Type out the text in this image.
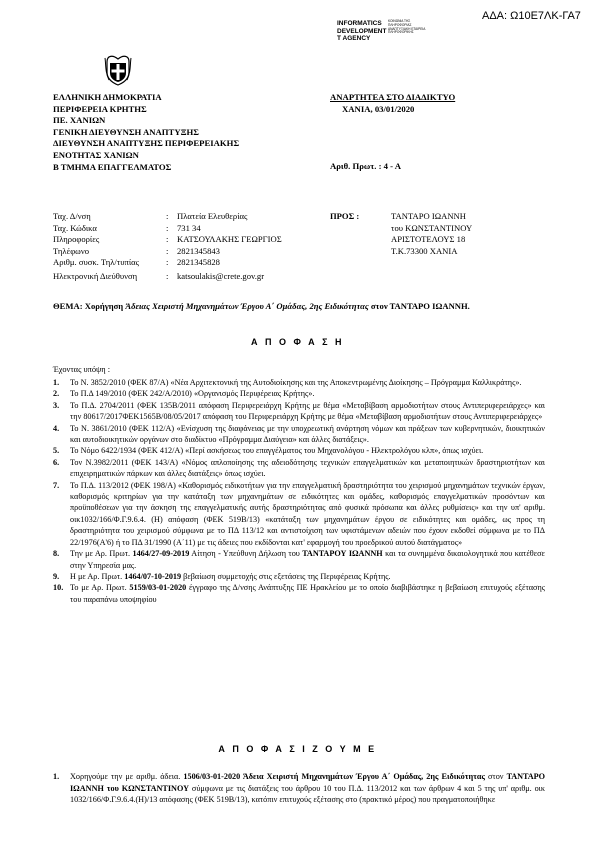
ΑΔΑ: Ω10Ε7ΛΚ-ΓΑ7
INFORMATICS
DEVELOPMENT
T AGENCY
ΚΟΙΝΩΝΙΑ ΤΗΣ ΠΛΗΡΟΦΟΡΙΑΣ
ΑΝΑΠΤΥΞΙΑΚΗ ΕΤΑΙΡΕΙΑ
ΠΛΗΡΟΦΟΡΙΚΗΣ
ΕΛΛΗΝΙΚΗ ΔΗΜΟΚΡΑΤΙΑ
ΠΕΡΙΦΕΡΕΙΑ ΚΡΗΤΗΣ
ΠΕ. ΧΑΝΙΩΝ
ΓΕΝΙΚΗ ΔΙΕΥΘΥΝΣΗ ΑΝΑΠΤΥΞΗΣ
ΔΙΕΥΘΥΝΣΗ ΑΝΑΠΤΥΞΗΣ ΠΕΡΙΦΕΡΕΙΑΚΗΣ
ΕΝΟΤΗΤΑΣ ΧΑΝΙΩΝ
Β ΤΜΗΜΑ ΕΠΑΓΓΕΛΜΑΤΟΣ
ΑΝΑΡΤΗΤΕΑ ΣΤΟ ΔΙΑΔΙΚΤΥΟ
ΧΑΝΙΑ, 03/01/2020
Αριθ. Πρωτ. : 4 - Α
Ταχ. Δ/νση	: Πλατεία Ελευθερίας
Ταχ. Κώδικα	: 731 34
Πληροφορίες	: ΚΑΤΣΟΥΛΑΚΗΣ ΓΕΩΡΓΙΟΣ
Τηλέφωνο	: 2821345843
Αριθμ. συσκ. Τηλ/τυπίας	: 2821345828
Ηλεκτρονική Διεύθυνση	: katsoulakis@crete.gov.gr
ΠΡΟΣ :	ΤΑΝΤΑΡΟ ΙΩΑΝΝΗ
του ΚΩΝΣΤΑΝΤΙΝΟΥ
ΑΡΙΣΤΟΤΕΛΟΥΣ 18
Τ.Κ.73300 ΧΑΝΙΑ
ΘΕΜΑ: Χορήγηση Άδειας Χειριστή Μηχανημάτων Έργου Α΄ Ομάδας, 2ης Ειδικότητας στον ΤΑΝΤΑΡΟ ΙΩΑΝΝΗ.
Α Π Ο Φ Α Σ Η
Έχοντας υπόψη :
1.	Το Ν. 3852/2010 (ΦΕΚ 87/Α) «Νέα Αρχιτεκτονική της Αυτοδιοίκησης και της Αποκεντρωμένης Διοίκησης – Πρόγραμμα Καλλικράτης».
2.	Το Π.Δ 149/2010 (ΦΕΚ 242/Α/2010) «Οργανισμός Περιφέρειας Κρήτης».
3.	Το Π.Δ. 2704/2011 (ΦΕΚ 135Β/2011 απόφαση Περιφερειάρχη Κρήτης με θέμα «Μεταβίβαση αρμοδιοτήτων στους Αντιπεριφερειάρχες» και την 80617/2017ΦΕΚ1565Β/08/05/2017 απόφαση του Περιφερειάρχη Κρήτης με θέμα «Μεταβίβαση αρμοδιοτήτων στους Αντιπεριφερειάρχες»
4.	Το Ν. 3861/2010 (ΦΕΚ 112/Α) «Ενίσχυση της διαφάνειας με την υποχρεωτική ανάρτηση νόμων και πράξεων των κυβερνητικών, διοικητικών και αυτοδιοικητικών οργάνων στο διαδίκτυο «Πρόγραμμα Διαύγεια» και άλλες διατάξεις».
5.	Το Νόμο 6422/1934 (ΦΕΚ 412/Α) «Περί ασκήσεως του επαγγέλματος του Μηχανολόγου - Ηλεκτρολόγου κλπ», όπως ισχύει.
6.	Τον Ν.3982/2011 (ΦΕΚ 143/Α) «Νόμος απλοποίησης της αδειοδότησης τεχνικών επαγγελματικών και μεταποιητικών δραστηριοτήτων και επιχειρηματικών πάρκων και άλλες διατάξεις» όπως ισχύει.
7.	Το Π.Δ. 113/2012 (ΦΕΚ 198/Α) «Καθορισμός ειδικοτήτων για την επαγγελματική δραστηριότητα του χειρισμού μηχανημάτων τεχνικών έργων, καθορισμός κριτηρίων για την κατάταξη των μηχανημάτων σε ειδικότητες και ομάδες, καθορισμός επαγγελματικών προσόντων και προϋποθέσεων για την άσκηση της επαγγελματικής αυτής δραστηριότητας από φυσικά πρόσωπα και άλλες ρυθμίσεις» και την υπ' αριθμ. οικ1032/166/Φ.Γ.9.6.4. (Η) απόφαση (ΦΕΚ 519Β/13) «κατάταξη των μηχανημάτων έργου σε ειδικότητες και ομάδες, ως προς τη δραστηριότητα του χειρισμού σύμφωνα με το ΠΔ 113/12 και αντιστοίχιση των υφιστάμενων αδειών που έχουν εκδοθεί σύμφωνα με το ΠΔ 22/1976(Α'6) ή το ΠΔ 31/1990 (Α΄11) με τις άδειες που εκδίδονται κατ' εφαρμογή του προεδρικού αυτού διατάγματος»
8.	Την με Αρ. Πρωτ. 1464/27-09-2019 Αίτηση - Υπεύθυνη Δήλωση του ΤΑΝΤΑΡΟΥ ΙΩΑΝΝΗ και τα συνημμένα δικαιολογητικά που κατέθεσε στην Υπηρεσία μας.
9.	Η με Αρ. Πρωτ. 1464/07-10-2019 βεβαίωση συμμετοχής στις εξετάσεις της Περιφέρειας Κρήτης.
10. Το με Αρ. Πρωτ. 5159/03-01-2020 έγγραφο της Δ/νσης Ανάπτυξης ΠΕ Ηρακλείου με το οποίο διαβιβάστηκε η βεβαίωση επιτυχούς εξέτασης του παραπάνω υποψηφίου
Α Π Ο Φ Α Σ Ι Ζ Ο Υ Μ Ε
1.	Χορηγούμε την με αριθμ. άδεια. 1506/03-01-2020 Άδεια Χειριστή Μηχανημάτων Έργου Α΄ Ομάδας, 2ης Ειδικότητας στον ΤΑΝΤΑΡΟ ΙΩΑΝΝΗ του ΚΩΝΣΤΑΝΤΙΝΟΥ σύμφωνα με τις διατάξεις του άρθρου 10 του Π.Δ. 113/2012 και των άρθρων 4 και 5 της υπ' αριθμ. οικ 1032/166/Φ.Γ.9.6.4.(Η)/13 απόφασης (ΦΕΚ 519Β/13), κατόπιν επιτυχούς εξέτασης στο (πρακτικό μέρος) που πραγματοποιήθηκε
